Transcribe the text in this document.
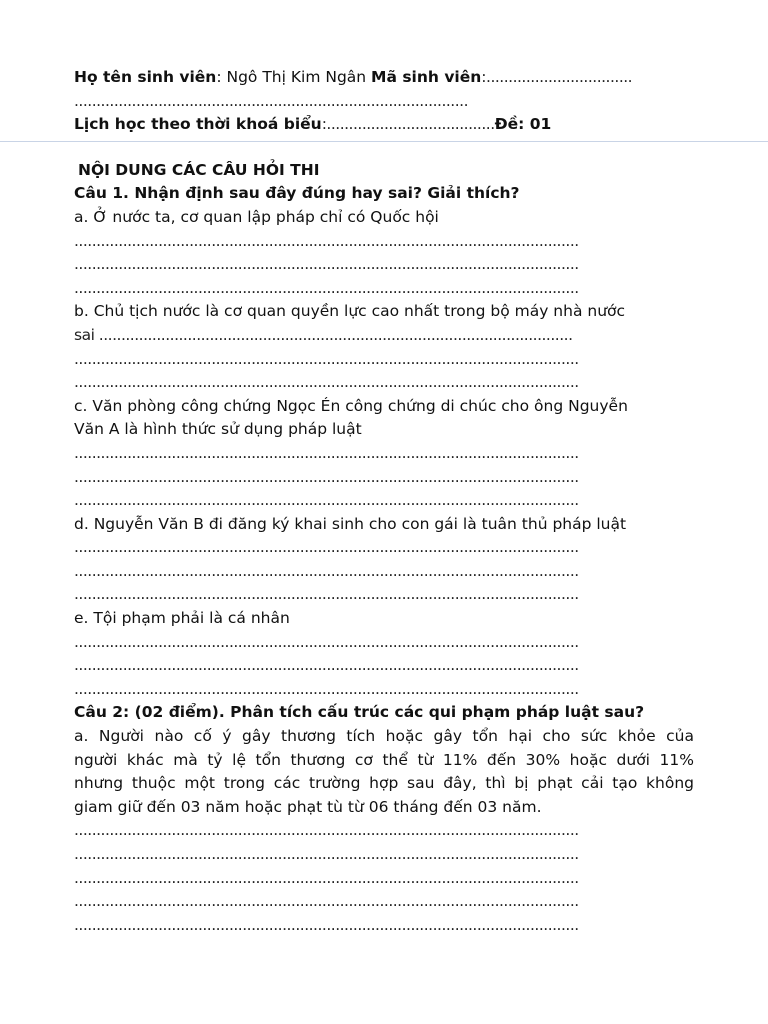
Họ tên sinh viên: Ngô Thị Kim Ngân Mã sinh viên:.................................
.........................................................................................
Lịch học theo thời khoá biểu:......................................Đề: 01
NỘI DUNG CÁC CÂU HỎI THI
Câu 1. Nhận định sau đây đúng hay sai? Giải thích?
a. Ở nước ta, cơ quan lập pháp chỉ có Quốc hội
..................................................................................................................
..................................................................................................................
..................................................................................................................
b. Chủ tịch nước là cơ quan quyền lực cao nhất trong bộ máy nhà nước
sai ...........................................................................................................
..................................................................................................................
..................................................................................................................
c. Văn phòng công chứng Ngọc Én công chứng di chúc cho ông Nguyễn
Văn A là hình thức sử dụng pháp luật
..................................................................................................................
..................................................................................................................
..................................................................................................................
d. Nguyễn Văn B đi đăng ký khai sinh cho con gái là tuân thủ pháp luật
..................................................................................................................
..................................................................................................................
..................................................................................................................
e. Tội phạm phải là cá nhân
..................................................................................................................
..................................................................................................................
..................................................................................................................
Câu 2: (02 điểm). Phân tích cấu trúc các qui phạm pháp luật sau?
a. Người nào cố ý gây thương tích hoặc gây tổn hại cho sức khỏe của
người khác mà tỷ lệ tổn thương cơ thể từ 11% đến 30% hoặc dưới 11%
nhưng thuộc một trong các trường hợp sau đây, thì bị phạt cải tạo không
giam giữ đến 03 năm hoặc phạt tù từ 06 tháng đến 03 năm.
..................................................................................................................
..................................................................................................................
..................................................................................................................
..................................................................................................................
..................................................................................................................
